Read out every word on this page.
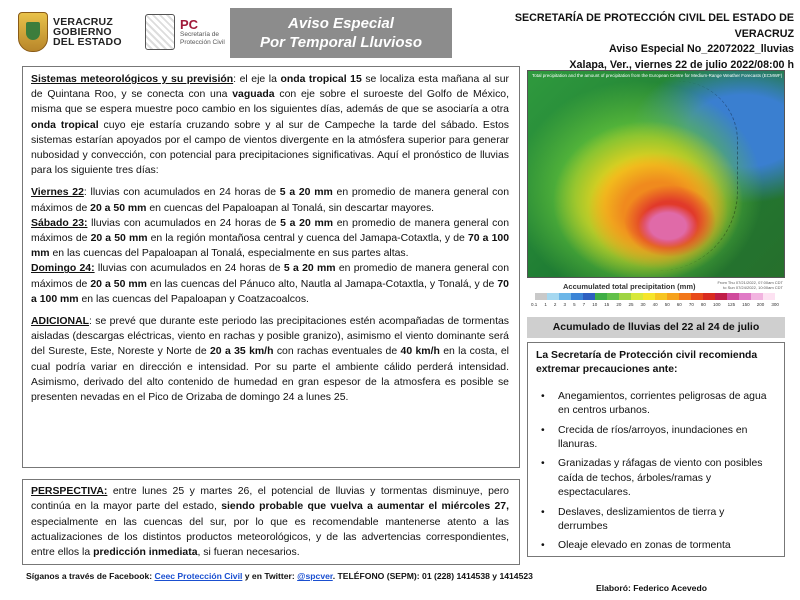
VERACRUZ
GOBIERNO
DEL ESTADO
PC
Secretaría de
Protección Civil
Aviso Especial
Por Temporal Lluvioso
SECRETARÍA DE PROTECCIÓN CIVIL DEL ESTADO DE VERACRUZ
Aviso Especial No_22072022_lluvias
Xalapa, Ver., viernes 22 de julio 2022/08:00 h

Sistemas meteorológicos y su previsión: el eje la onda tropical 15 se localiza esta mañana al sur de Quintana Roo, y se conecta con una vaguada con eje sobre el suroeste del Golfo de México, misma que se espera muestre poco cambio en los siguientes días, además de que se asociaría a otra onda tropical cuyo eje estaría cruzando sobre y al sur de Campeche la tarde del sábado. Estos sistemas estarían apoyados por el campo de vientos divergente en la atmósfera superior para generar nubosidad y convección, con potencial para precipitaciones significativas. Aquí el pronóstico de lluvias para los siguiente tres días:

Viernes 22: lluvias con acumulados en 24 horas de 5 a 20 mm en promedio de manera general con máximos de 20 a 50 mm en cuencas del Papaloapan al Tonalá, sin descartar mayores.
Sábado 23: lluvias con acumulados en 24 horas de 5 a 20 mm en promedio de manera general con máximos de 20 a 50 mm en la región montañosa central y cuenca del Jamapa-Cotaxtla, y de 70 a 100 mm en las cuencas del Papaloapan al Tonalá, especialmente en sus partes altas.
Domingo 24: lluvias con acumulados en 24 horas de 5 a 20 mm en promedio de manera general con máximos de 20 a 50 mm en las cuencas del Pánuco alto, Nautla al Jamapa-Cotaxtla, y Tonalá, y de 70 a 100 mm en las cuencas del Papaloapan y Coatzacoalcos.

ADICIONAL: se prevé que durante este periodo las precipitaciones estén acompañadas de tormentas aisladas (descargas eléctricas, viento en rachas y posible granizo), asimismo el viento dominante será del Sureste, Este, Noreste y Norte de 20 a 35 km/h con rachas eventuales de 40 km/h en la costa, el cual podría variar en dirección e intensidad. Por su parte el ambiente cálido perderá intensidad. Asimismo, derivado del alto contenido de humedad en gran espesor de la atmosfera es posible se presenten nevadas en el Pico de Orizaba de domingo 24 a lunes 25.

PERSPECTIVA: entre lunes 25 y martes 26, el potencial de lluvias y tormentas disminuye, pero continúa en la mayor parte del estado, siendo probable que vuelva a aumentar el miércoles 27, especialmente en las cuencas del sur, por lo que es recomendable mantenerse atento a las actualizaciones de los distintos productos meteorológicos, y de las advertencias correspondientes, entre ellos la predicción inmediata, si fueran necesarios.
Total precipitation and the amount of precipitation from the European Centre for Medium-Range Weather Forecasts (ECMWF)
Accumulated total precipitation (mm)	From Thu 07/21/2022, 07:00am CDT
to Sun 07/24/2022, 10:00am CDT
0.1 1 2 3 5 7 10 15 20 25 30 40 50 60 70 80 100 125 150 200 300
Acumulado de lluvias del 22 al 24 de julio
La Secretaría de Protección civil recomienda extremar precauciones ante:
• Anegamientos, corrientes peligrosas de agua en centros urbanos.
• Crecida de ríos/arroyos, inundaciones en llanuras.
• Granizadas y ráfagas de viento con posibles caída de techos, árboles/ramas y espectaculares.
• Deslaves, deslizamientos de tierra y derrumbes
• Oleaje elevado en zonas de tormenta
Síganos a través de Facebook: Ceec Protección Civil y en Twitter: @spcver. TELÉFONO (SEPM): 01 (228) 1414538 y 1414523
Elaboró: Federico Acevedo
